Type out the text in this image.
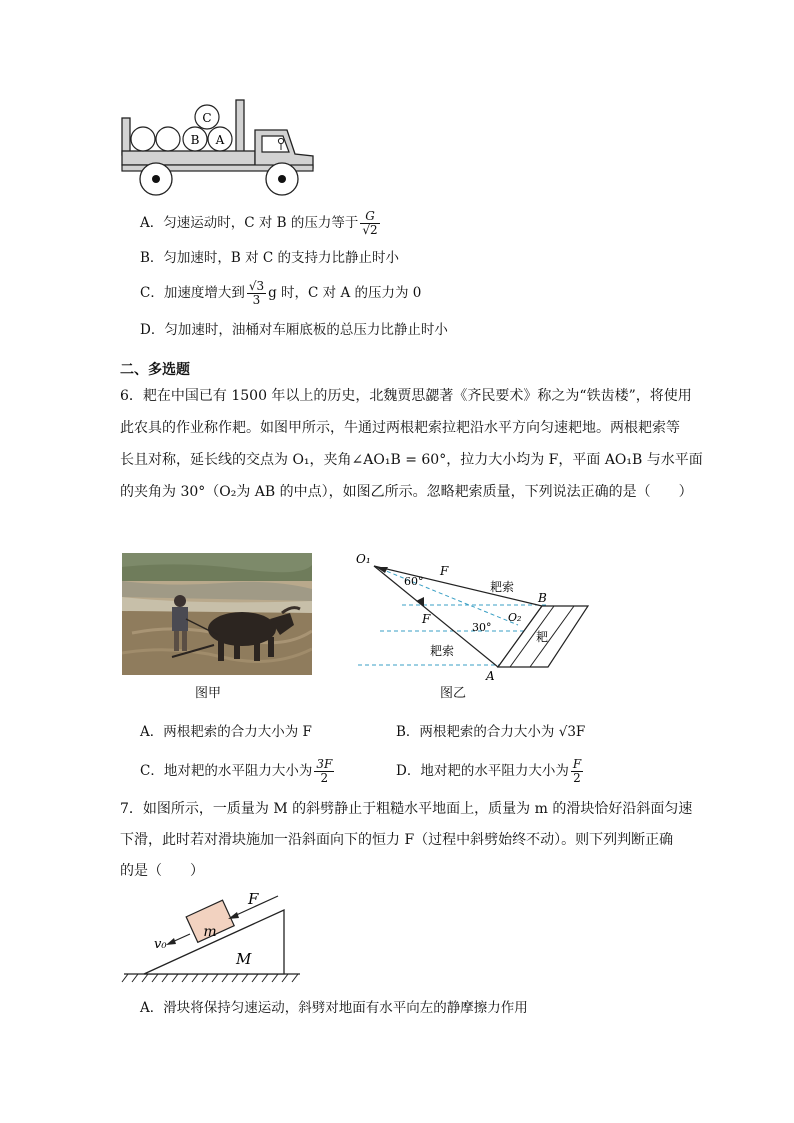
B A
C
A．匀速运动时，C 对 B 的压力等于 $\frac{G}{√2}$
B．匀加速时，B 对 C 的支持力比静止时小
C．加速度增大到 $\frac{√3}{3}$ g 时，C 对 A 的压力为 0
D．匀加速时，油桶对车厢底板的总压力比静止时小
二、多选题
6．耙在中国已有 1500 年以上的历史，北魏贾思勰著《齐民要术》称之为“铁齿楼”，将使用
此农具的作业称作耙。如图甲所示，牛通过两根耙索拉耙沿水平方向匀速耙地。两根耙索等
长且对称，延长线的交点为 O₁，夹角∠AO₁B = 60°，拉力大小均为 F，平面 AO₁B 与水平面
的夹角为 30°（O₂为 AB 的中点），如图乙所示。忽略耙索质量，下列说法正确的是（　　）
O₁
F
60°	耙索
B
F
30°
O₂
耙
耙索
A
图甲	图乙
A．两根耙索的合力大小为 F	B．两根耙索的合力大小为 √3F
C．地对耙的水平阻力大小为 $\frac{3F}{2}$	D．地对耙的水平阻力大小为 $\frac{F}{2}$
7．如图所示，一质量为 M 的斜劈静止于粗糙水平地面上，质量为 m 的滑块恰好沿斜面匀速
下滑，此时若对滑块施加一沿斜面向下的恒力 F（过程中斜劈始终不动）。则下列判断正确
的是（　　）
F
m
M
v₀
A．滑块将保持匀速运动，斜劈对地面有水平向左的静摩擦力作用
